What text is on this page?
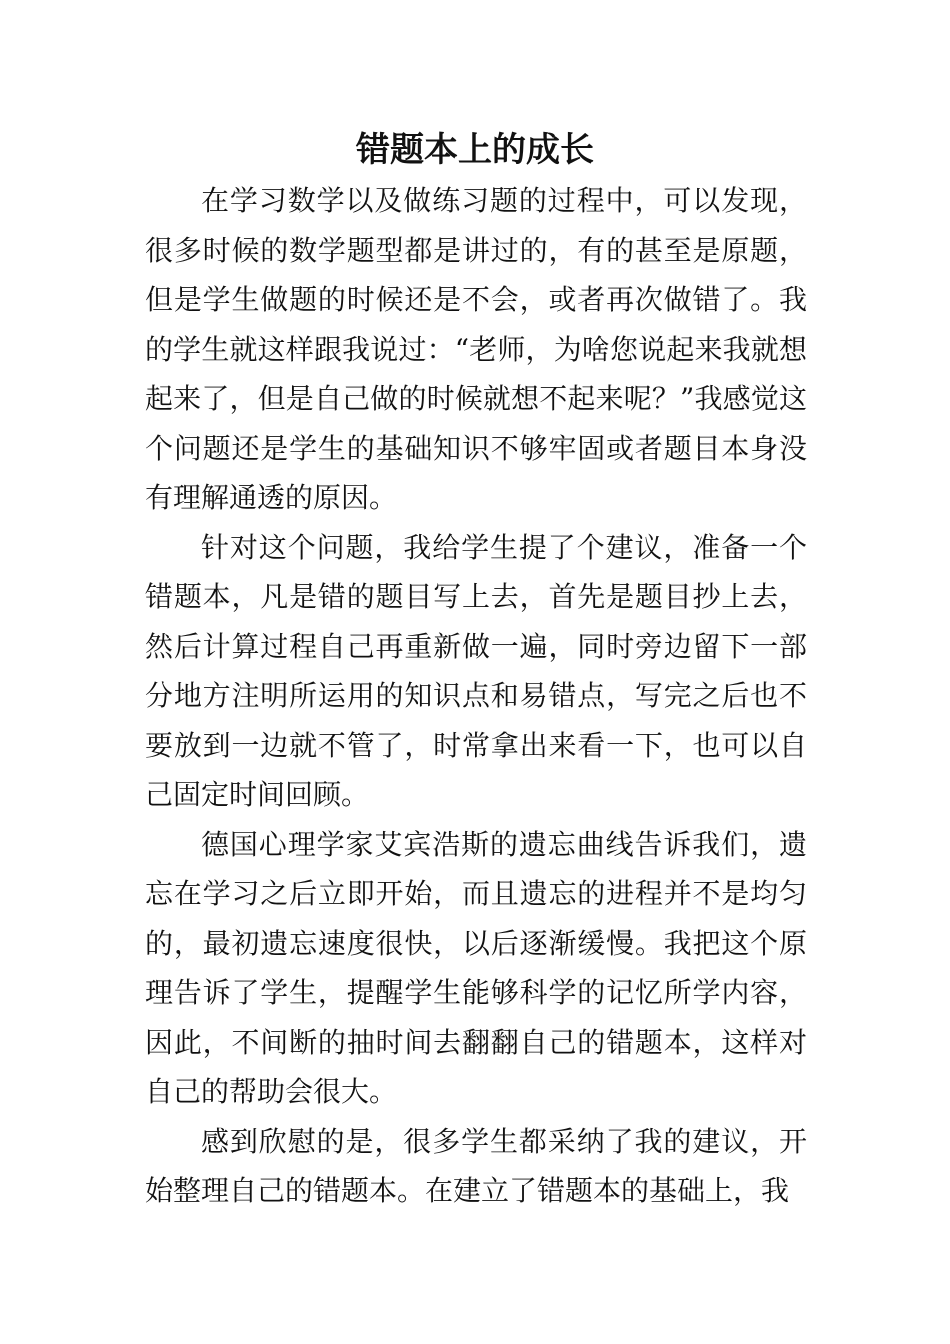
错题本上的成长

在学习数学以及做练习题的过程中，可以发现，很多时候的数学题型都是讲过的，有的甚至是原题，但是学生做题的时候还是不会，或者再次做错了。我的学生就这样跟我说过：“老师，为啥您说起来我就想起来了，但是自己做的时候就想不起来呢？”我感觉这个问题还是学生的基础知识不够牢固或者题目本身没有理解通透的原因。

针对这个问题，我给学生提了个建议，准备一个错题本，凡是错的题目写上去，首先是题目抄上去，然后计算过程自己再重新做一遍，同时旁边留下一部分地方注明所运用的知识点和易错点，写完之后也不要放到一边就不管了，时常拿出来看一下，也可以自己固定时间回顾。

德国心理学家艾宾浩斯的遗忘曲线告诉我们，遗忘在学习之后立即开始，而且遗忘的进程并不是均匀的，最初遗忘速度很快，以后逐渐缓慢。我把这个原理告诉了学生，提醒学生能够科学的记忆所学内容，因此，不间断的抽时间去翻翻自己的错题本，这样对自己的帮助会很大。

感到欣慰的是，很多学生都采纳了我的建议，开始整理自己的错题本。在建立了错题本的基础上，我
